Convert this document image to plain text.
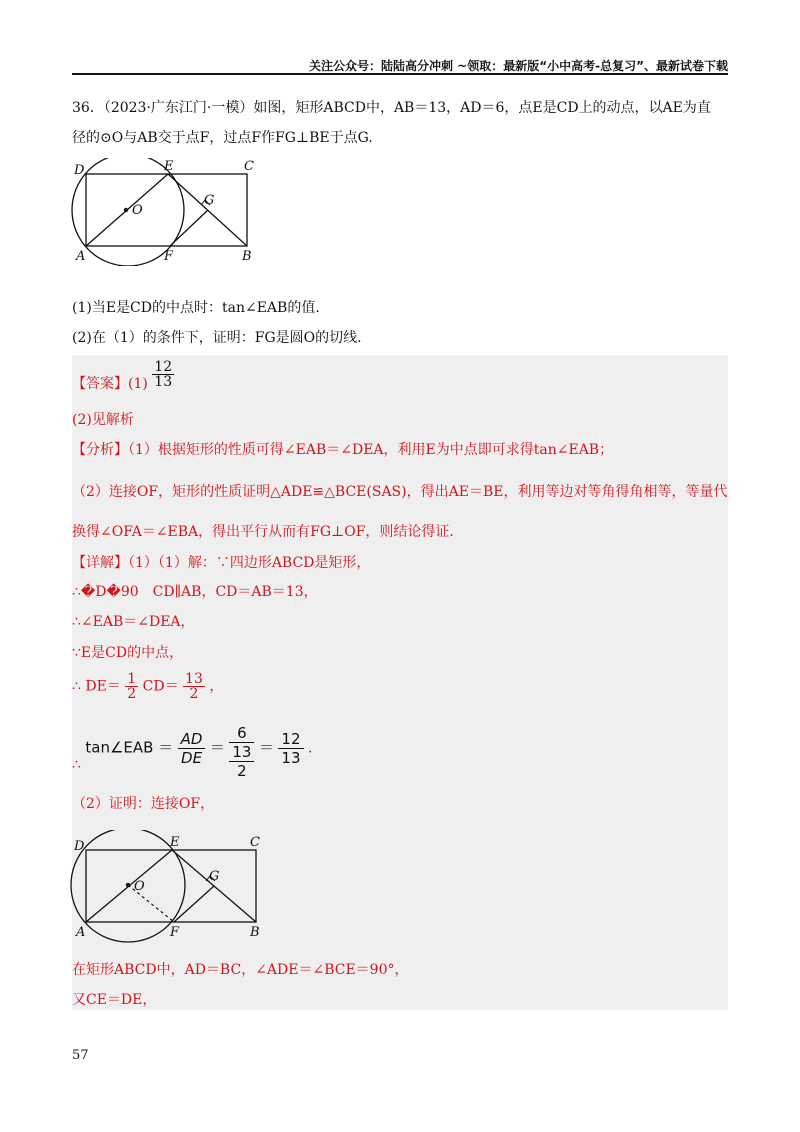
关注公众号：陆陆高分冲刺 ~领取：最新版“小中高考-总复习”、最新试卷下载
36．（2023·广东江门·一模）如图，矩形ABCD中，AB＝13，AD＝6，点E是CD上的动点，以AE为直
径的⊙O与AB交于点F，过点F作FG⊥BE于点G.
D	E	C
G
O
A	F	B
(1)当E是CD的中点时：tan∠EAB的值.
(2)在（1）的条件下，证明：FG是圆O的切线.
【答案】$(1) \frac{12}{13}$
(2)见解析
【分析】（1）根据矩形的性质可得∠EAB＝∠DEA，利用E为中点即可求得tan∠EAB；
（2）连接OF，矩形的性质证明△ADE≌△BCE(SAS)，得出AE＝BE，利用等边对等角得角相等，等量代
换得∠OFA＝∠EBA，得出平行从而有FG⊥OF，则结论得证.
【详解】（1）（1）解：∵四边形ABCD是矩形，
∴�D�90　CD∥AB，CD＝AB＝13，
∴∠EAB＝∠DEA，
∵E是CD的中点，
∴ $DE= \frac{1}{2} CD= \frac{13}{2}$ ，
∴ tan∠EAB ＝ $\frac{AD}{DE}$ ＝
6
13
2
＝ $\frac{12}{13}$ .
（2）证明：连接OF，
D	E	C
G
O
A	F	B
在矩形ABCD中，AD＝BC，∠ADE＝∠BCE＝90°，
又CE＝DE，
57
